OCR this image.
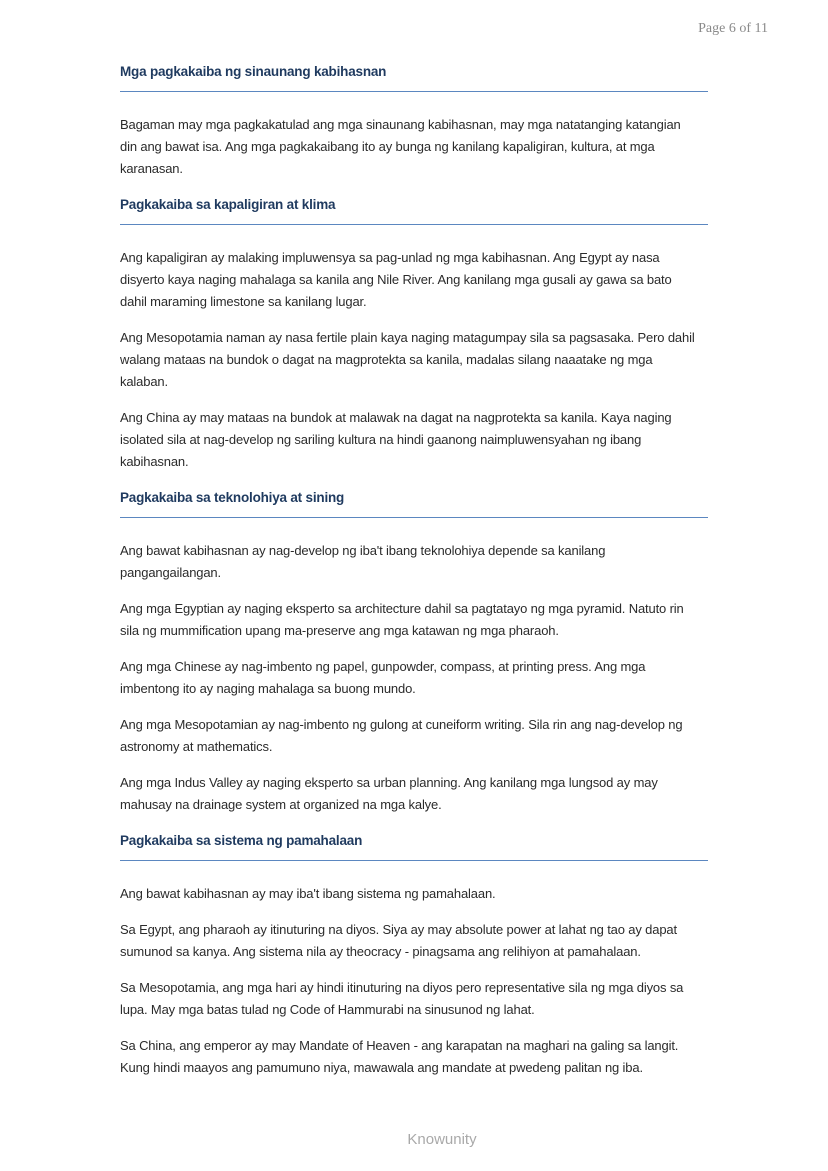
Page 6 of 11
Mga pagkakaiba ng sinaunang kabihasnan
Bagaman may mga pagkakatulad ang mga sinaunang kabihasnan, may mga natatanging katangian
din ang bawat isa. Ang mga pagkakaibang ito ay bunga ng kanilang kapaligiran, kultura, at mga
karanasan.
Pagkakaiba sa kapaligiran at klima
Ang kapaligiran ay malaking impluwensya sa pag-unlad ng mga kabihasnan. Ang Egypt ay nasa
disyerto kaya naging mahalaga sa kanila ang Nile River. Ang kanilang mga gusali ay gawa sa bato
dahil maraming limestone sa kanilang lugar.
Ang Mesopotamia naman ay nasa fertile plain kaya naging matagumpay sila sa pagsasaka. Pero dahil
walang mataas na bundok o dagat na magprotekta sa kanila, madalas silang naaatake ng mga
kalaban.
Ang China ay may mataas na bundok at malawak na dagat na nagprotekta sa kanila. Kaya naging
isolated sila at nag-develop ng sariling kultura na hindi gaanong naimpluwensyahan ng ibang
kabihasnan.
Pagkakaiba sa teknolohiya at sining
Ang bawat kabihasnan ay nag-develop ng iba't ibang teknolohiya depende sa kanilang
pangangailangan.
Ang mga Egyptian ay naging eksperto sa architecture dahil sa pagtatayo ng mga pyramid. Natuto rin
sila ng mummification upang ma-preserve ang mga katawan ng mga pharaoh.
Ang mga Chinese ay nag-imbento ng papel, gunpowder, compass, at printing press. Ang mga
imbentong ito ay naging mahalaga sa buong mundo.
Ang mga Mesopotamian ay nag-imbento ng gulong at cuneiform writing. Sila rin ang nag-develop ng
astronomy at mathematics.
Ang mga Indus Valley ay naging eksperto sa urban planning. Ang kanilang mga lungsod ay may
mahusay na drainage system at organized na mga kalye.
Pagkakaiba sa sistema ng pamahalaan
Ang bawat kabihasnan ay may iba't ibang sistema ng pamahalaan.
Sa Egypt, ang pharaoh ay itinuturing na diyos. Siya ay may absolute power at lahat ng tao ay dapat
sumunod sa kanya. Ang sistema nila ay theocracy - pinagsama ang relihiyon at pamahalaan.
Sa Mesopotamia, ang mga hari ay hindi itinuturing na diyos pero representative sila ng mga diyos sa
lupa. May mga batas tulad ng Code of Hammurabi na sinusunod ng lahat.
Sa China, ang emperor ay may Mandate of Heaven - ang karapatan na maghari na galing sa langit.
Kung hindi maayos ang pamumuno niya, mawawala ang mandate at pwedeng palitan ng iba.
Knowunity
